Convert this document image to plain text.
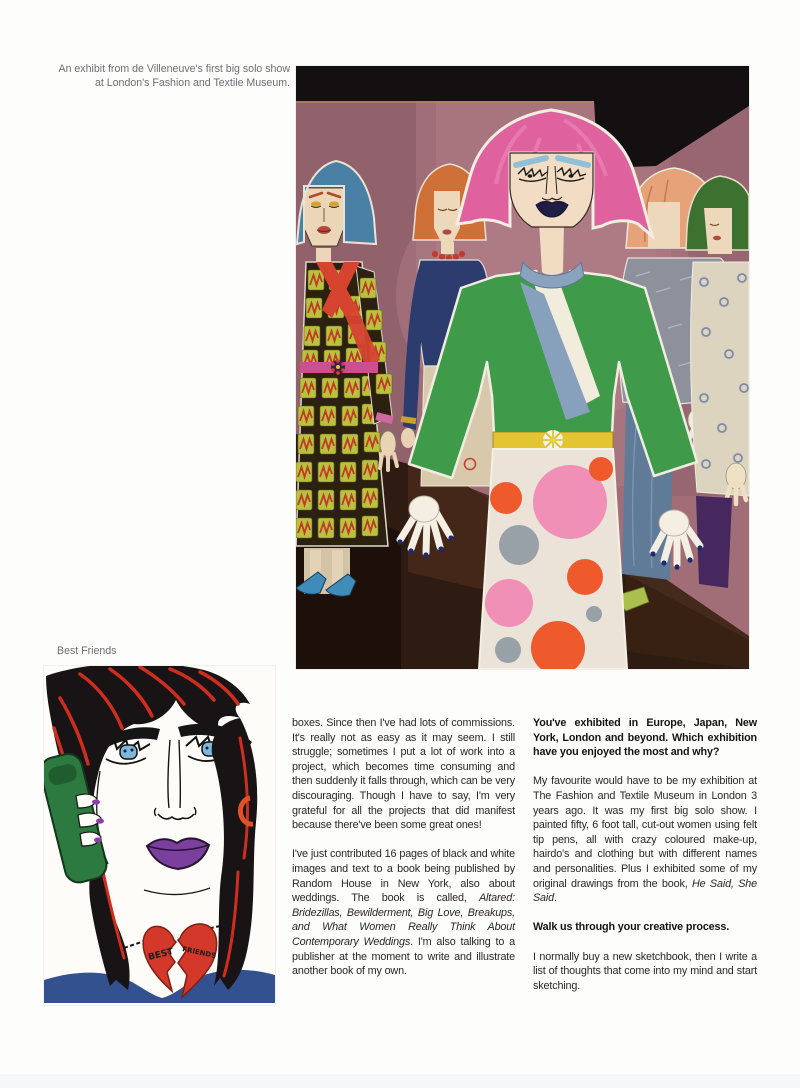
An exhibit from de Villeneuve's first big solo show at London's Fashion and Textile Museum.
Best Friends
BEST FRIENDS

boxes. Since then I've had lots of commissions. It's really not as easy as it may seem. I still struggle; sometimes I put a lot of work into a project, which becomes time consuming and then suddenly it falls through, which can be very discouraging. Though I have to say, I'm very grateful for all the projects that did manifest because there've been some great ones!

I've just contributed 16 pages of black and white images and text to a book being published by Random House in New York, also about weddings. The book is called, Altared: Bridezillas, Bewilderment, Big Love, Breakups, and What Women Really Think About Contemporary Weddings. I'm also talking to a publisher at the moment to write and illustrate another book of my own.

You've exhibited in Europe, Japan, New York, London and beyond. Which exhibition have you enjoyed the most and why?

My favourite would have to be my exhibition at The Fashion and Textile Museum in London 3 years ago. It was my first big solo show. I painted fifty, 6 foot tall, cut-out women using felt tip pens, all with crazy coloured make-up, hairdo's and clothing but with different names and personalities. Plus I exhibited some of my original drawings from the book, He Said, She Said.

Walk us through your creative process.

I normally buy a new sketchbook, then I write a list of thoughts that come into my mind and start sketching.
